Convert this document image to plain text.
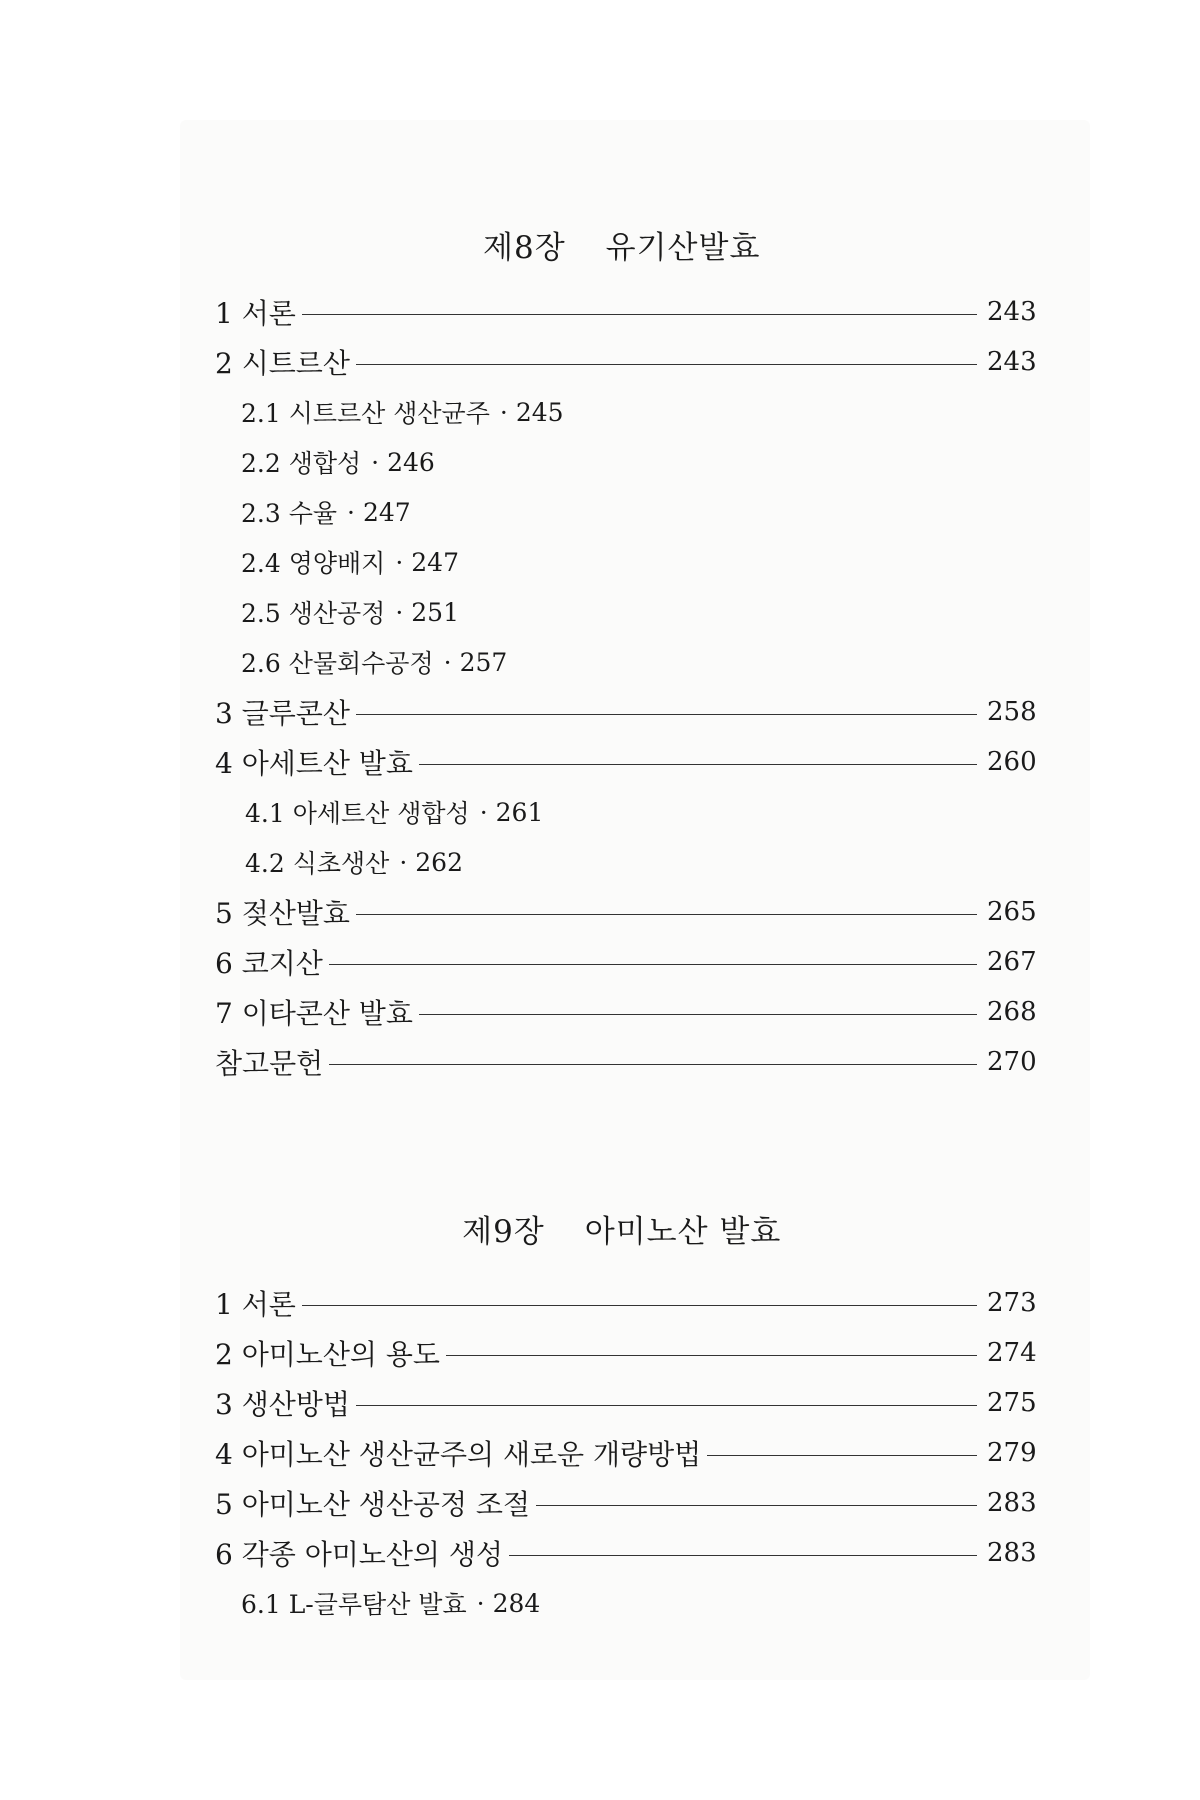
제8장 유기산발효

1 서론	243
2 시트르산	243
2.1 시트르산 생산균주 · 245
2.2 생합성 · 246
2.3 수율 · 247
2.4 영양배지 · 247
2.5 생산공정 · 251
2.6 산물회수공정 · 257
3 글루콘산	258
4 아세트산 발효	260
4.1 아세트산 생합성 · 261
4.2 식초생산 · 262
5 젖산발효	265
6 코지산	267
7 이타콘산 발효	268
참고문헌	270

제9장 아미노산 발효

1 서론	273
2 아미노산의 용도	274
3 생산방법	275
4 아미노산 생산균주의 새로운 개량방법	279
5 아미노산 생산공정 조절	283
6 각종 아미노산의 생성	283
6.1 L-글루탐산 발효 · 284
